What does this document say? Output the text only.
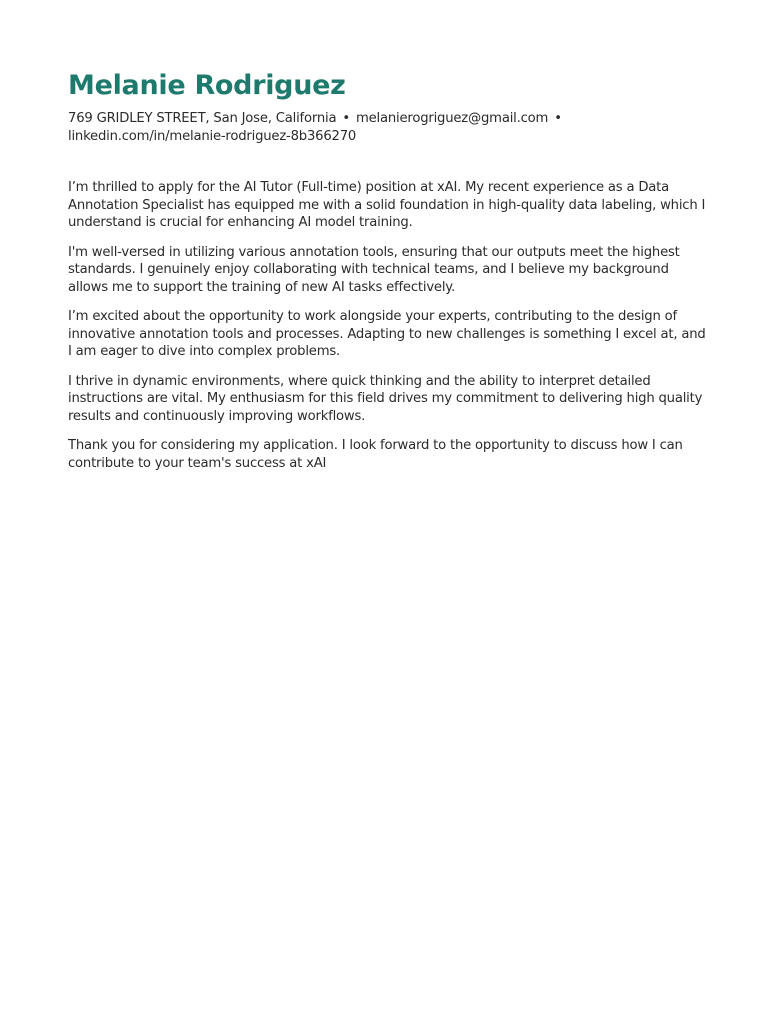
Melanie Rodriguez

769 GRIDLEY STREET, San Jose, California • melanierogriguez@gmail.com •
linkedin.com/in/melanie-rodriguez-8b366270

I’m thrilled to apply for the AI Tutor (Full-time) position at xAI. My recent experience as a Data Annotation Specialist has equipped me with a solid foundation in high-quality data labeling, which I understand is crucial for enhancing AI model training.

I'm well-versed in utilizing various annotation tools, ensuring that our outputs meet the highest standards. I genuinely enjoy collaborating with technical teams, and I believe my background allows me to support the training of new AI tasks effectively.

I’m excited about the opportunity to work alongside your experts, contributing to the design of innovative annotation tools and processes. Adapting to new challenges is something I excel at, and I am eager to dive into complex problems.

I thrive in dynamic environments, where quick thinking and the ability to interpret detailed instructions are vital. My enthusiasm for this field drives my commitment to delivering high quality results and continuously improving workflows.

Thank you for considering my application. I look forward to the opportunity to discuss how I can contribute to your team's success at xAI
